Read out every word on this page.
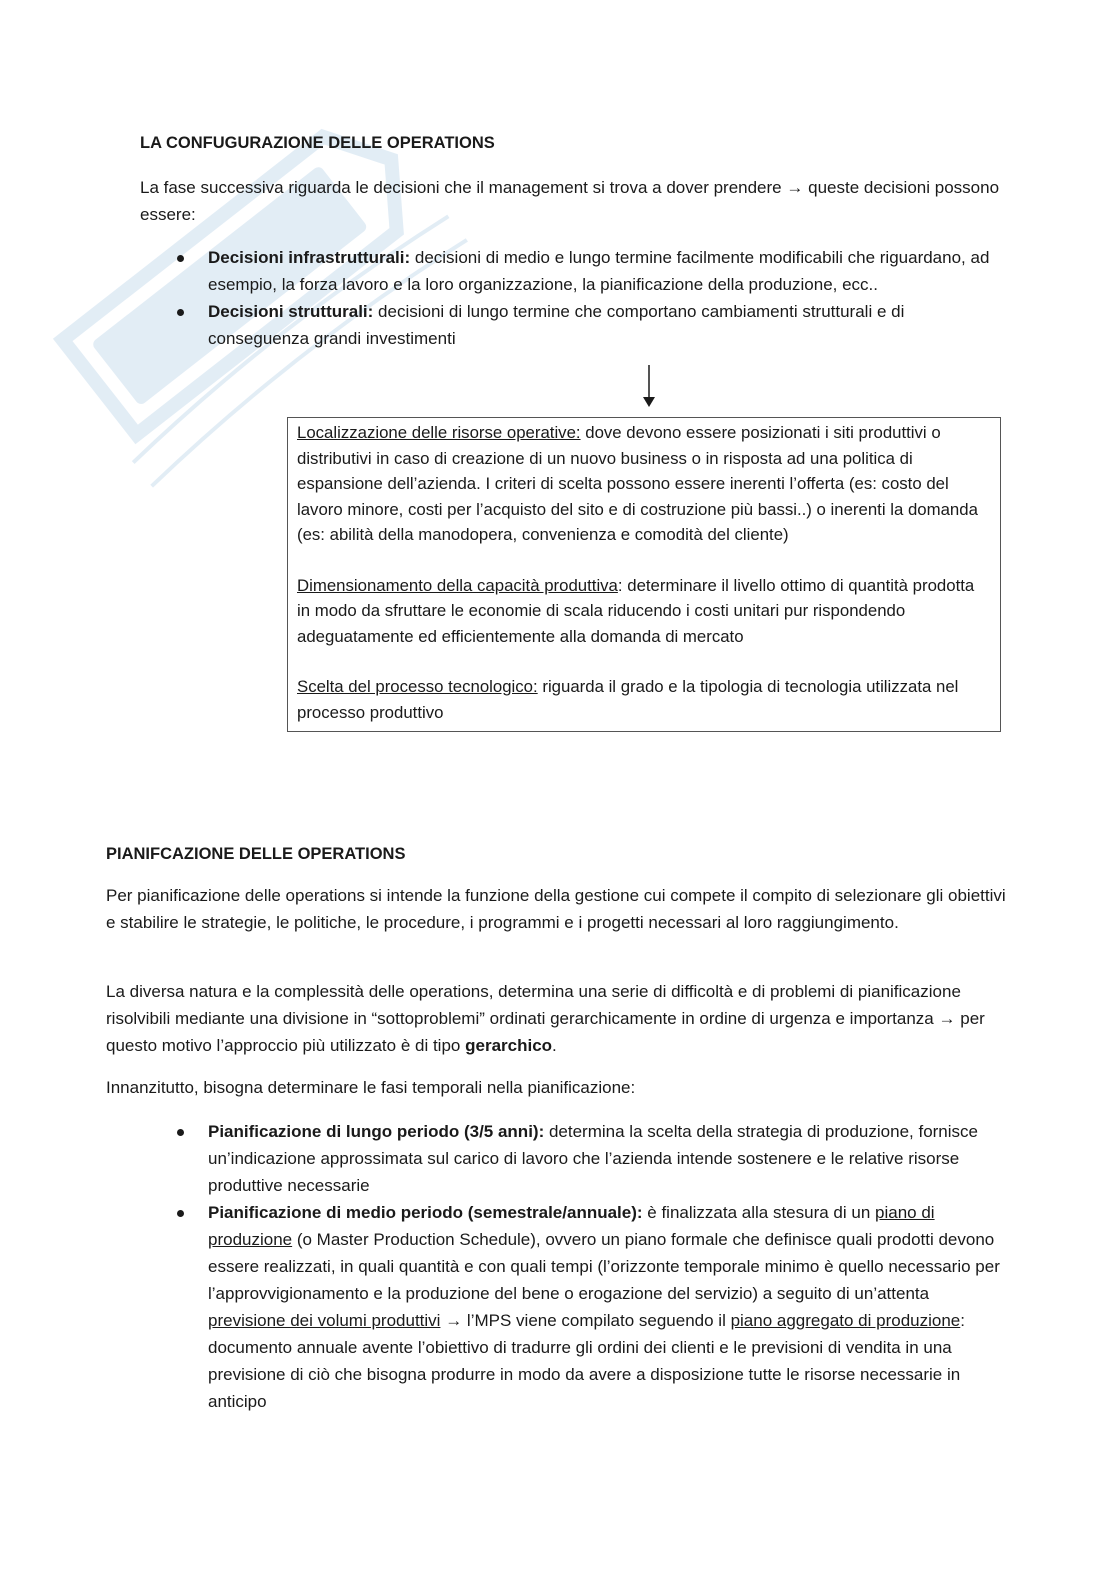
LA CONFUGURAZIONE DELLE OPERATIONS
La fase successiva riguarda le decisioni che il management si trova a dover prendere → queste decisioni possono essere:
Decisioni infrastrutturali: decisioni di medio e lungo termine facilmente modificabili che riguardano, ad esempio, la forza lavoro e la loro organizzazione, la pianificazione della produzione, ecc..
Decisioni strutturali: decisioni di lungo termine che comportano cambiamenti strutturali e di conseguenza grandi investimenti

Localizzazione delle risorse operative: dove devono essere posizionati i siti produttivi o distributivi in caso di creazione di un nuovo business o in risposta ad una politica di espansione dell’azienda. I criteri di scelta possono essere inerenti l’offerta (es: costo del lavoro minore, costi per l’acquisto del sito e di costruzione più bassi..) o inerenti la domanda (es: abilità della manodopera, convenienza e comodità del cliente)

Dimensionamento della capacità produttiva: determinare il livello ottimo di quantità prodotta in modo da sfruttare le economie di scala riducendo i costi unitari pur rispondendo adeguatamente ed efficientemente alla domanda di mercato

Scelta del processo tecnologico: riguarda il grado e la tipologia di tecnologia utilizzata nel processo produttivo

PIANIFCAZIONE DELLE OPERATIONS

Per pianificazione delle operations si intende la funzione della gestione cui compete il compito di selezionare gli obiettivi e stabilire le strategie, le politiche, le procedure, i programmi e i progetti necessari al loro raggiungimento.

La diversa natura e la complessità delle operations, determina una serie di difficoltà e di problemi di pianificazione risolvibili mediante una divisione in “sottoproblemi” ordinati gerarchicamente in ordine di urgenza e importanza → per questo motivo l’approccio più utilizzato è di tipo gerarchico.

Innanzitutto, bisogna determinare le fasi temporali nella pianificazione:

Pianificazione di lungo periodo (3/5 anni): determina la scelta della strategia di produzione, fornisce un’indicazione approssimata sul carico di lavoro che l’azienda intende sostenere e le relative risorse produttive necessarie
Pianificazione di medio periodo (semestrale/annuale): è finalizzata alla stesura di un piano di produzione (o Master Production Schedule), ovvero un piano formale che definisce quali prodotti devono essere realizzati, in quali quantità e con quali tempi (l’orizzonte temporale minimo è quello necessario per l’approvvigionamento e la produzione del bene o erogazione del servizio) a seguito di un’attenta previsione dei volumi produttivi → l’MPS viene compilato seguendo il piano aggregato di produzione: documento annuale avente l’obiettivo di tradurre gli ordini dei clienti e le previsioni di vendita in una previsione di ciò che bisogna produrre in modo da avere a disposizione tutte le risorse necessarie in anticipo
